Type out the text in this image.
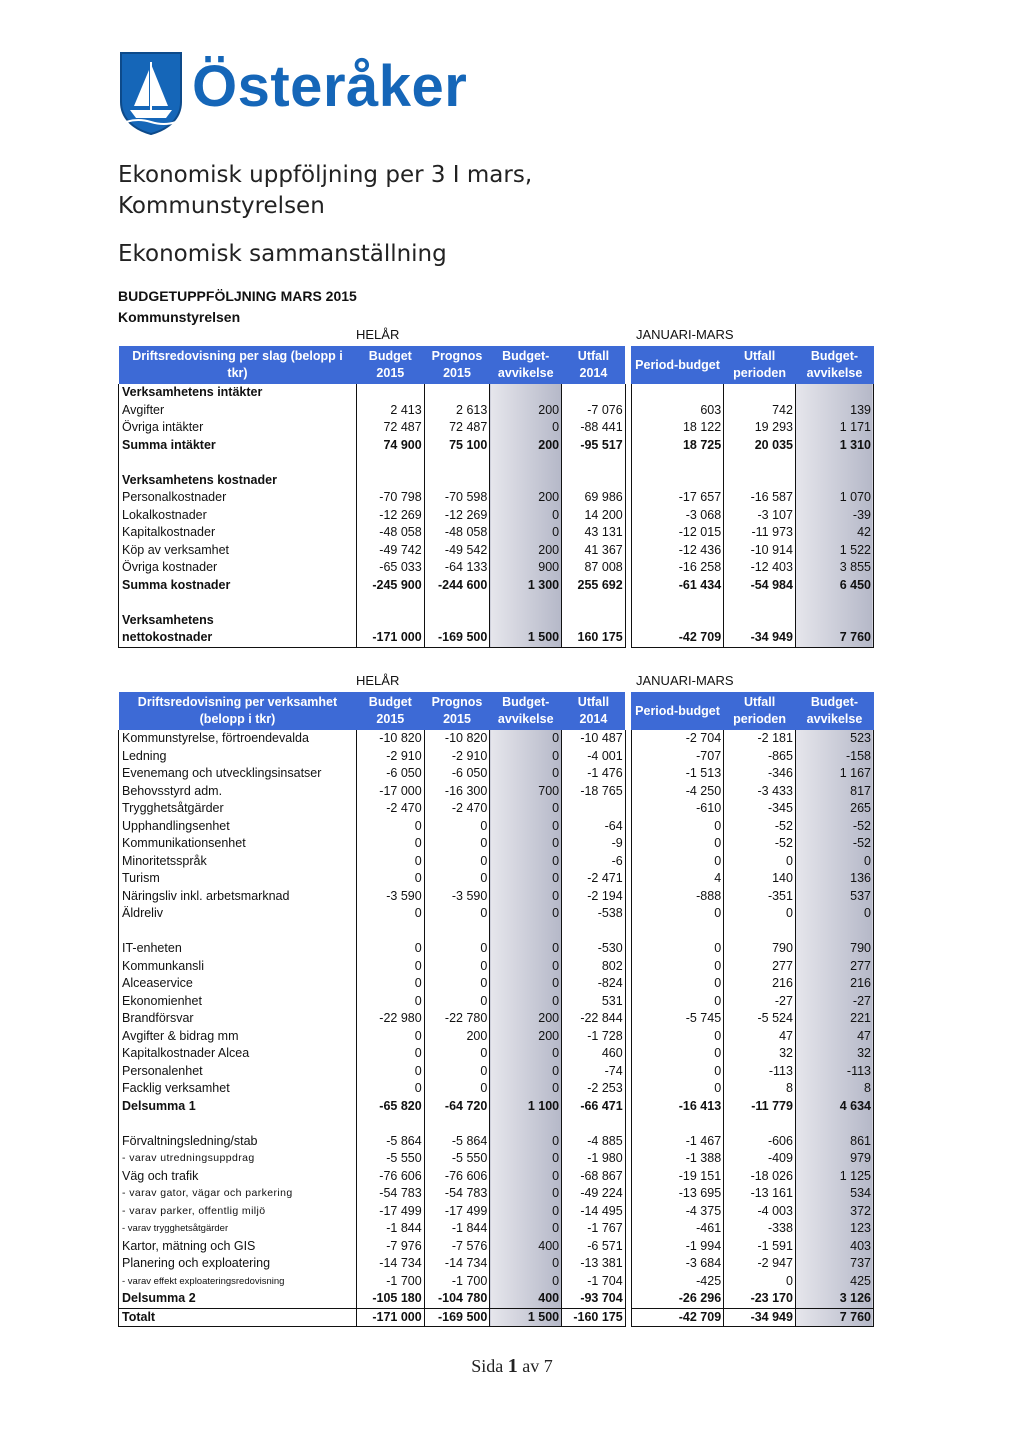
Österåker
Ekonomisk uppföljning per 3 I mars,
Kommunstyrelsen
Ekonomisk sammanställning
BUDGETUPPFÖLJNING MARS 2015
Kommunstyrelsen
HELÅR	JANUARI-MARS
Driftsredovisning per slag (belopp i tkr)	Budget 2015	Prognos 2015	Budget-avvikelse	Utfall 2014		Period-budget	Utfall perioden	Budget-avvikelse
Verksamhetens intäkter								
Avgifter	2 413	2 613	200	-7 076		603	742	139
Övriga intäkter	72 487	72 487	0	-88 441		18 122	19 293	1 171
Summa intäkter	74 900	75 100	200	-95 517		18 725	20 035	1 310

Verksamhetens kostnader								
Personalkostnader	-70 798	-70 598	200	69 986		-17 657	-16 587	1 070
Lokalkostnader	-12 269	-12 269	0	14 200		-3 068	-3 107	-39
Kapitalkostnader	-48 058	-48 058	0	43 131		-12 015	-11 973	42
Köp av verksamhet	-49 742	-49 542	200	41 367		-12 436	-10 914	1 522
Övriga kostnader	-65 033	-64 133	900	87 008		-16 258	-12 403	3 855
Summa kostnader	-245 900	-244 600	1 300	255 692		-61 434	-54 984	6 450

Verksamhetens								
nettokostnader	-171 000	-169 500	1 500	160 175		-42 709	-34 949	7 760
HELÅR	JANUARI-MARS
Driftsredovisning per verksamhet (belopp i tkr)	Budget 2015	Prognos 2015	Budget-avvikelse	Utfall 2014		Period-budget	Utfall perioden	Budget-avvikelse
Kommunstyrelse, förtroendevalda	-10 820	-10 820	0	-10 487		-2 704	-2 181	523
Ledning	-2 910	-2 910	0	-4 001		-707	-865	-158
Evenemang och utvecklingsinsatser	-6 050	-6 050	0	-1 476		-1 513	-346	1 167
Behovsstyrd adm.	-17 000	-16 300	700	-18 765		-4 250	-3 433	817
Trygghetsåtgärder	-2 470	-2 470	0			-610	-345	265
Upphandlingsenhet	0	0	0	-64		0	-52	-52
Kommunikationsenhet	0	0	0	-9		0	-52	-52
Minoritetsspråk	0	0	0	-6		0	0	0
Turism	0	0	0	-2 471		4	140	136
Näringsliv inkl. arbetsmarknad	-3 590	-3 590	0	-2 194		-888	-351	537
Äldreliv	0	0	0	-538		0	0	0

IT-enheten	0	0	0	-530		0	790	790
Kommunkansli	0	0	0	802		0	277	277
Alceaservice	0	0	0	-824		0	216	216
Ekonomienhet	0	0	0	531		0	-27	-27
Brandförsvar	-22 980	-22 780	200	-22 844		-5 745	-5 524	221
Avgifter & bidrag mm	0	200	200	-1 728		0	47	47
Kapitalkostnader Alcea	0	0	0	460		0	32	32
Personalenhet	0	0	0	-74		0	-113	-113
Facklig verksamhet	0	0	0	-2 253		0	8	8
Delsumma 1	-65 820	-64 720	1 100	-66 471		-16 413	-11 779	4 634

Förvaltningsledning/stab	-5 864	-5 864	0	-4 885		-1 467	-606	861
- varav utredningsuppdrag	-5 550	-5 550	0	-1 980		-1 388	-409	979
Väg och trafik	-76 606	-76 606	0	-68 867		-19 151	-18 026	1 125
- varav gator, vägar och parkering	-54 783	-54 783	0	-49 224		-13 695	-13 161	534
- varav parker, offentlig miljö	-17 499	-17 499	0	-14 495		-4 375	-4 003	372
- varav trygghetsåtgärder	-1 844	-1 844	0	-1 767		-461	-338	123
Kartor, mätning och GIS	-7 976	-7 576	400	-6 571		-1 994	-1 591	403
Planering och exploatering	-14 734	-14 734	0	-13 381		-3 684	-2 947	737
- varav effekt exploateringsredovisning	-1 700	-1 700	0	-1 704		-425	0	425
Delsumma 2	-105 180	-104 780	400	-93 704		-26 296	-23 170	3 126
Totalt	-171 000	-169 500	1 500	-160 175		-42 709	-34 949	7 760
Sida 1 av 7
